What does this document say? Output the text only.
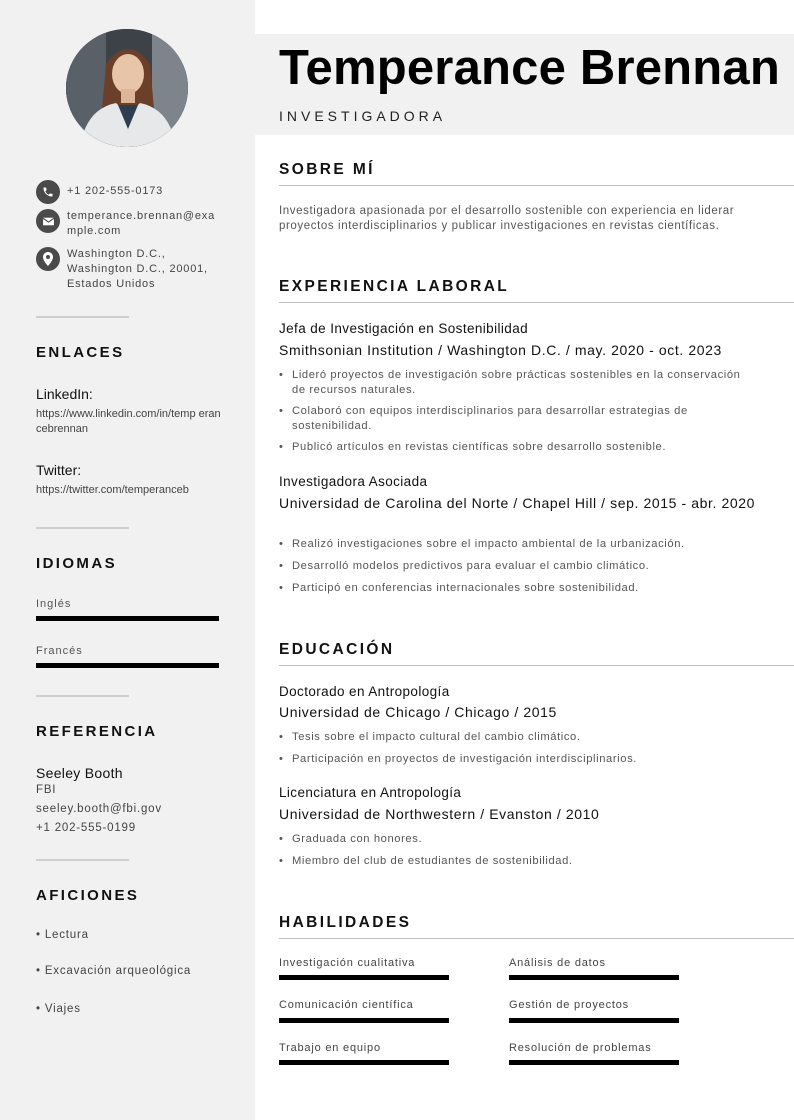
+1 202-555-0173
temperance.brennan@exa mple.com
Washington D.C., Washington D.C., 20001, Estados Unidos
ENLACES
LinkedIn:
https://www.linkedin.com/in/temp erancebrennan
Twitter:
https://twitter.com/temperanceb
IDIOMAS
Inglés
Francés
REFERENCIA
Seeley Booth
FBI
seeley.booth@fbi.gov
+1 202-555-0199
AFICIONES
• Lectura
• Excavación arqueológica
• Viajes
Temperance Brennan
INVESTIGADORA
SOBRE MÍ
Investigadora apasionada por el desarrollo sostenible con experiencia en liderar proyectos interdisciplinarios y publicar investigaciones en revistas científicas.
EXPERIENCIA LABORAL
Jefa de Investigación en Sostenibilidad
Smithsonian Institution / Washington D.C. / may. 2020 - oct. 2023
• Lideró proyectos de investigación sobre prácticas sostenibles en la conservación de recursos naturales.
• Colaboró con equipos interdisciplinarios para desarrollar estrategias de sostenibilidad.
• Publicó artículos en revistas científicas sobre desarrollo sostenible.
Investigadora Asociada
Universidad de Carolina del Norte / Chapel Hill / sep. 2015 - abr. 2020
• Realizó investigaciones sobre el impacto ambiental de la urbanización.
• Desarrolló modelos predictivos para evaluar el cambio climático.
• Participó en conferencias internacionales sobre sostenibilidad.
EDUCACIÓN
Doctorado en Antropología
Universidad de Chicago / Chicago / 2015
• Tesis sobre el impacto cultural del cambio climático.
• Participación en proyectos de investigación interdisciplinarios.
Licenciatura en Antropología
Universidad de Northwestern / Evanston / 2010
• Graduada con honores.
• Miembro del club de estudiantes de sostenibilidad.
HABILIDADES
Investigación cualitativa	Análisis de datos
Comunicación científica	Gestión de proyectos
Trabajo en equipo	Resolución de problemas
